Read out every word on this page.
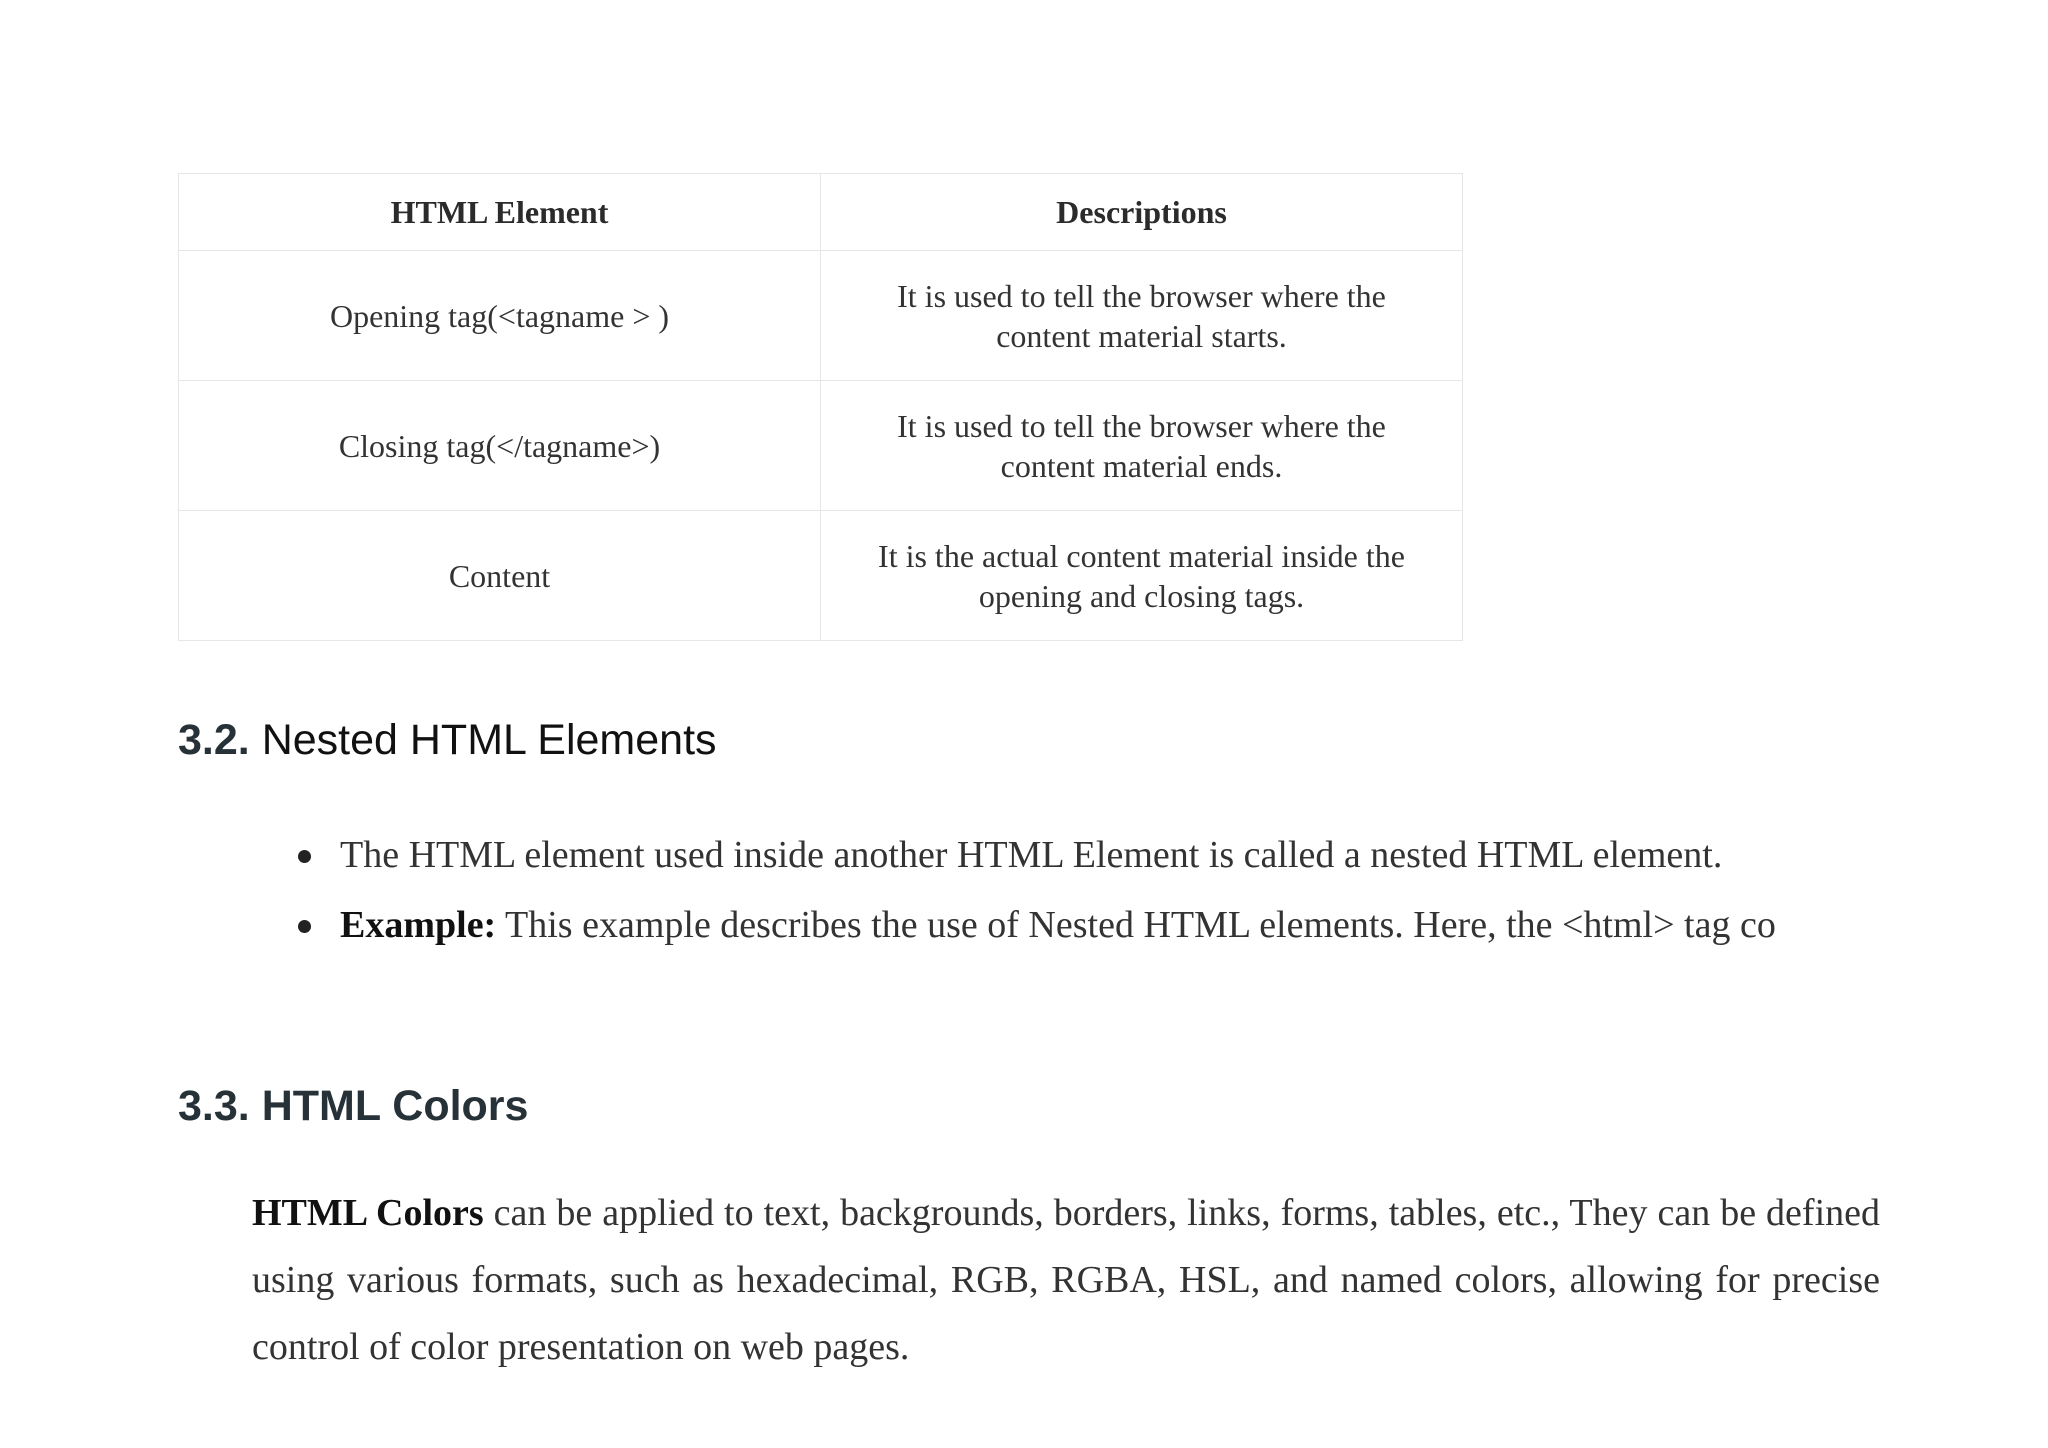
HTML Element	Descriptions
Opening tag(<tagname > )	It is used to tell the browser where the
content material starts.
Closing tag(</tagname>)	It is used to tell the browser where the
content material ends.
Content	It is the actual content material inside the
opening and closing tags.
3.2. Nested HTML Elements
The HTML element used inside another HTML Element is called a nested HTML element.
Example: This example describes the use of Nested HTML elements. Here, the <html> tag co
3.3. HTML Colors

HTML Colors can be applied to text, backgrounds, borders, links, forms, tables, etc., They can be defined using various formats, such as hexadecimal, RGB, RGBA, HSL, and named colors, allowing for precise control of color presentation on web pages.
